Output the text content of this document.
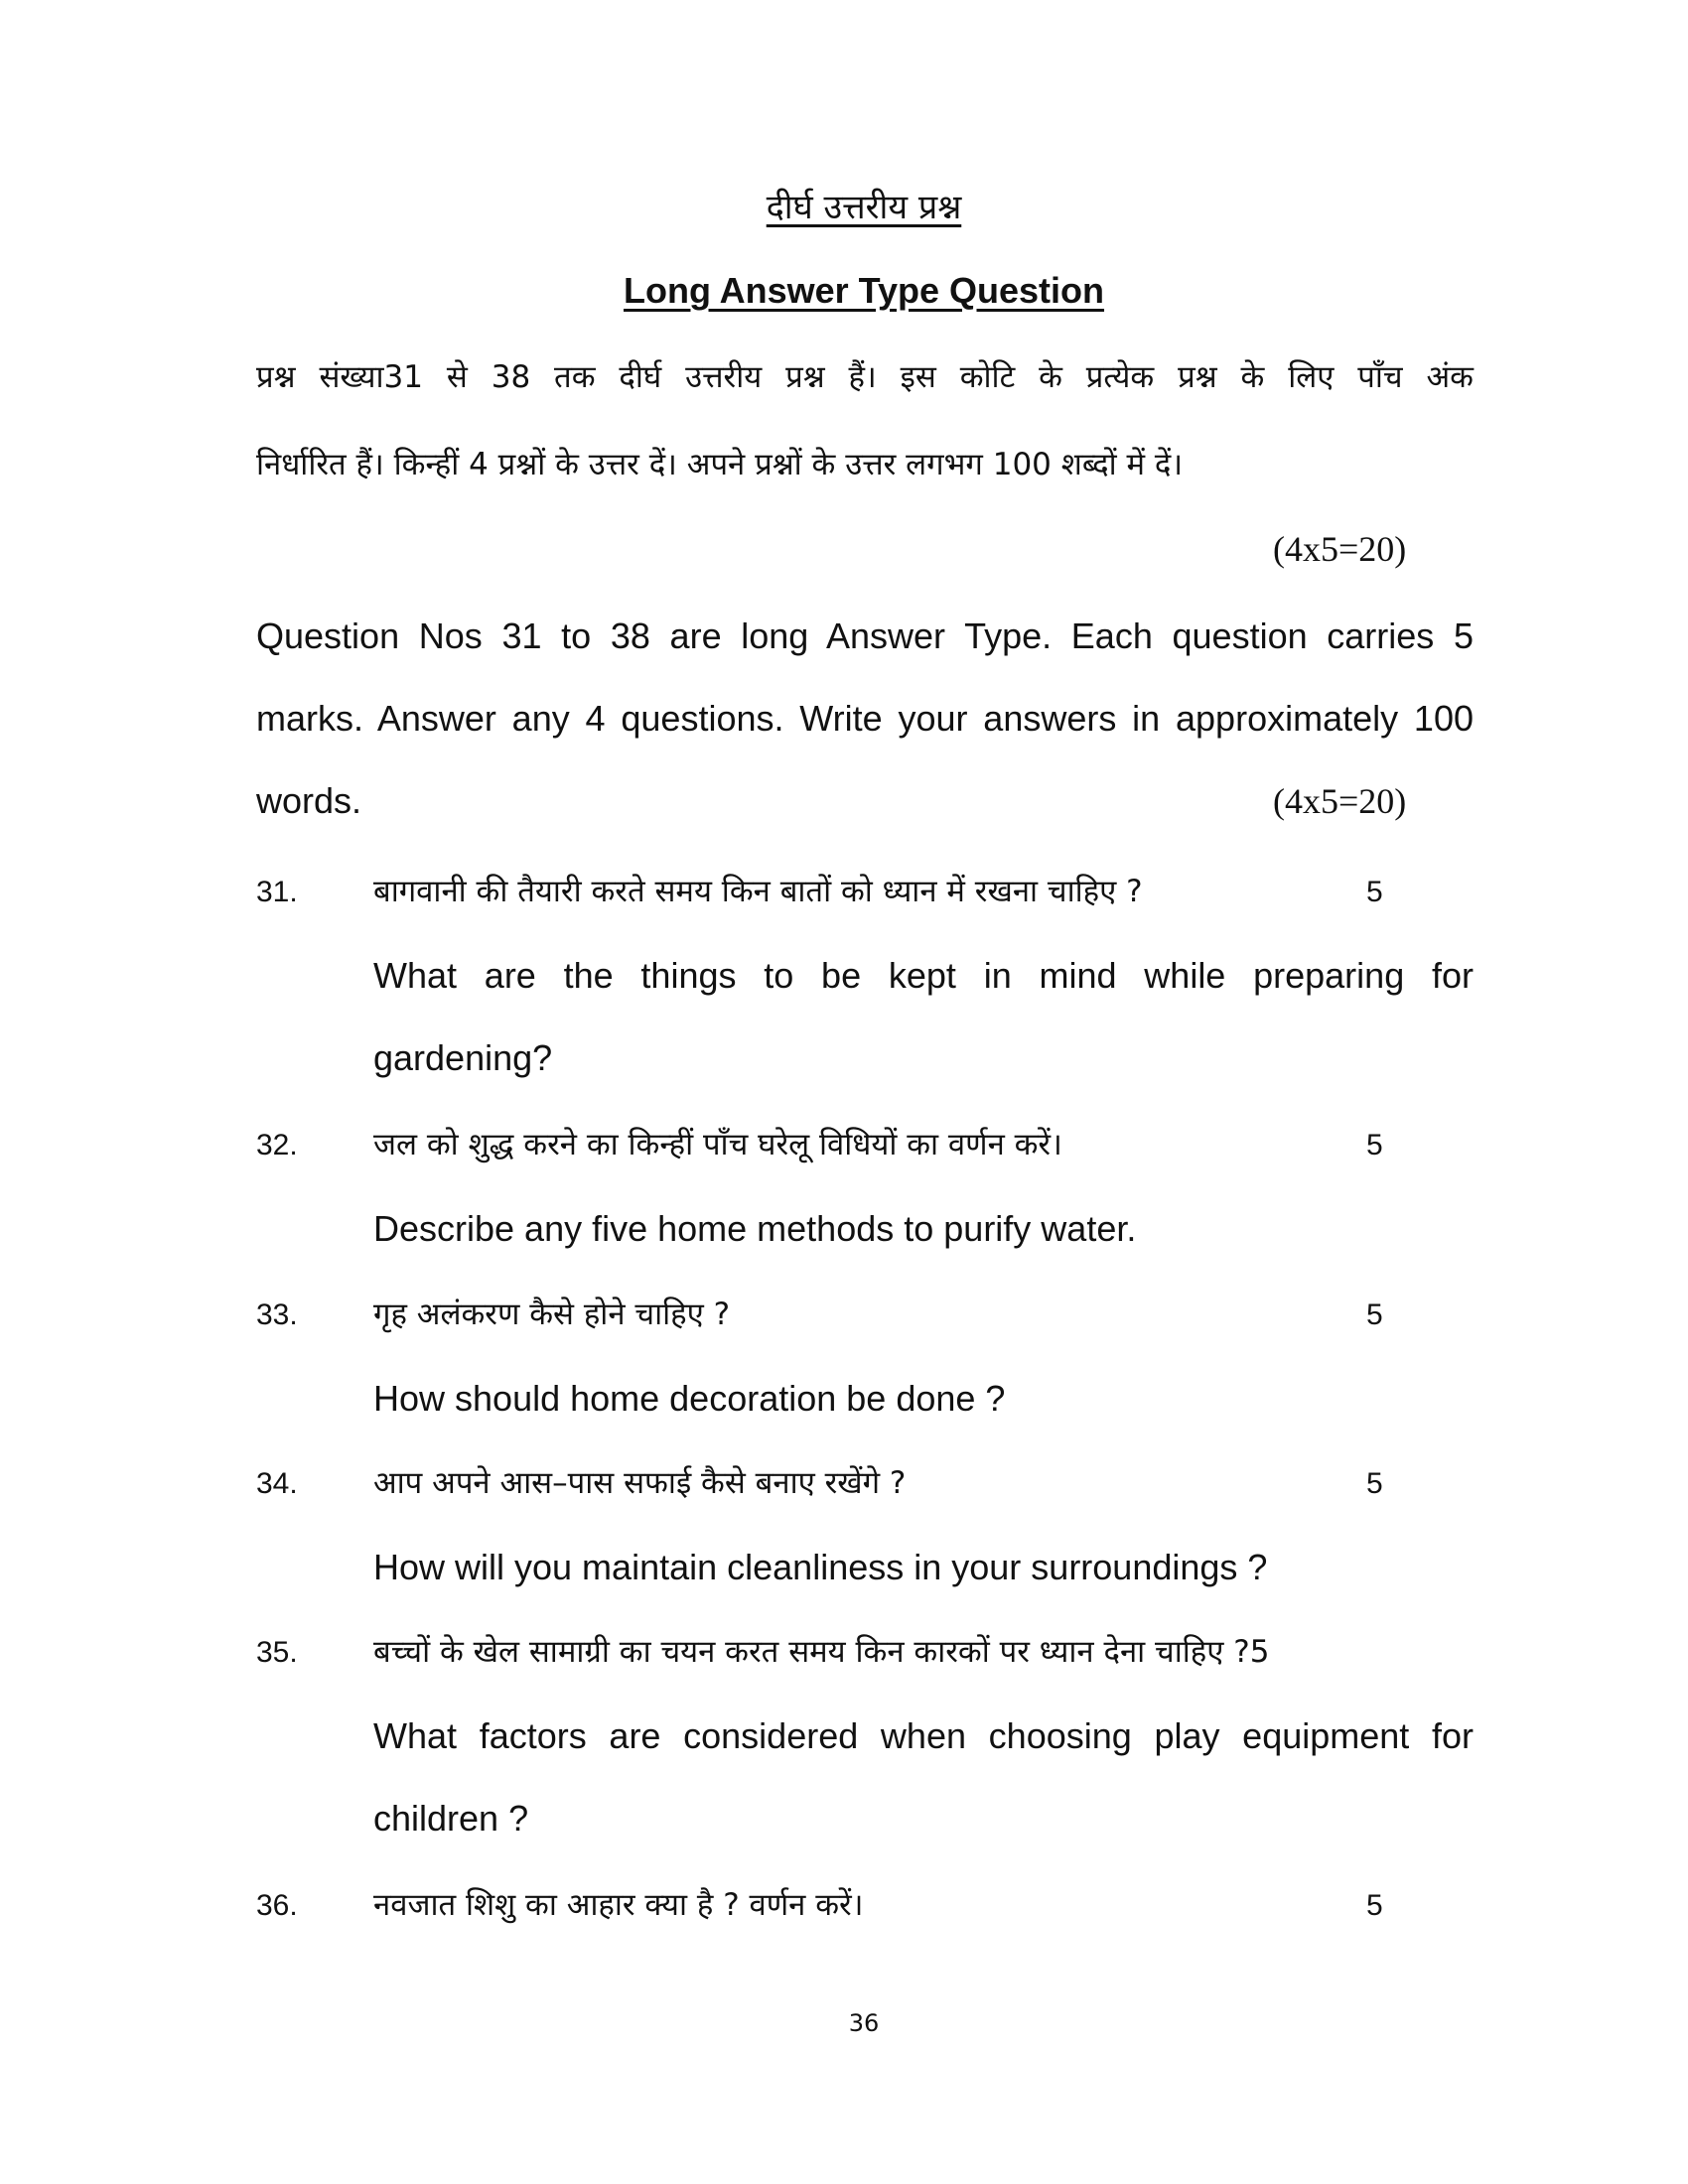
दीर्घ उत्तरीय प्रश्न
Long Answer Type Question
प्रश्न संख्या31 से 38 तक दीर्घ उत्तरीय प्रश्न हैं। इस कोटि के प्रत्येक प्रश्न के लिए पाँच अंक
निर्धारित हैं। किन्हीं 4 प्रश्नों के उत्तर दें। अपने प्रश्नों के उत्तर लगभग 100 शब्दों में दें।
(4x5=20)
Question Nos 31 to 38 are long Answer Type. Each question carries 5
marks. Answer any 4 questions. Write your answers in approximately 100
words.	(4x5=20)
31. बागवानी की तैयारी करते समय किन बातों को ध्यान में रखना चाहिए ?	5
What are the things to be kept in mind while preparing for
gardening?
32. जल को शुद्ध करने का किन्हीं पाँच घरेलू विधियों का वर्णन करें।	5
Describe any five home methods to purify water.
33. गृह अलंकरण कैसे होने चाहिए ?	5
How should home decoration be done ?
34. आप अपने आस–पास सफाई कैसे बनाए रखेंगे ?	5
How will you maintain cleanliness in your surroundings ?
35. बच्चों के खेल सामाग्री का चयन करत समय किन कारकों पर ध्यान देना चाहिए ?5
What factors are considered when choosing play equipment for
children ?
36. नवजात शिशु का आहार क्या है ? वर्णन करें।	5
36
